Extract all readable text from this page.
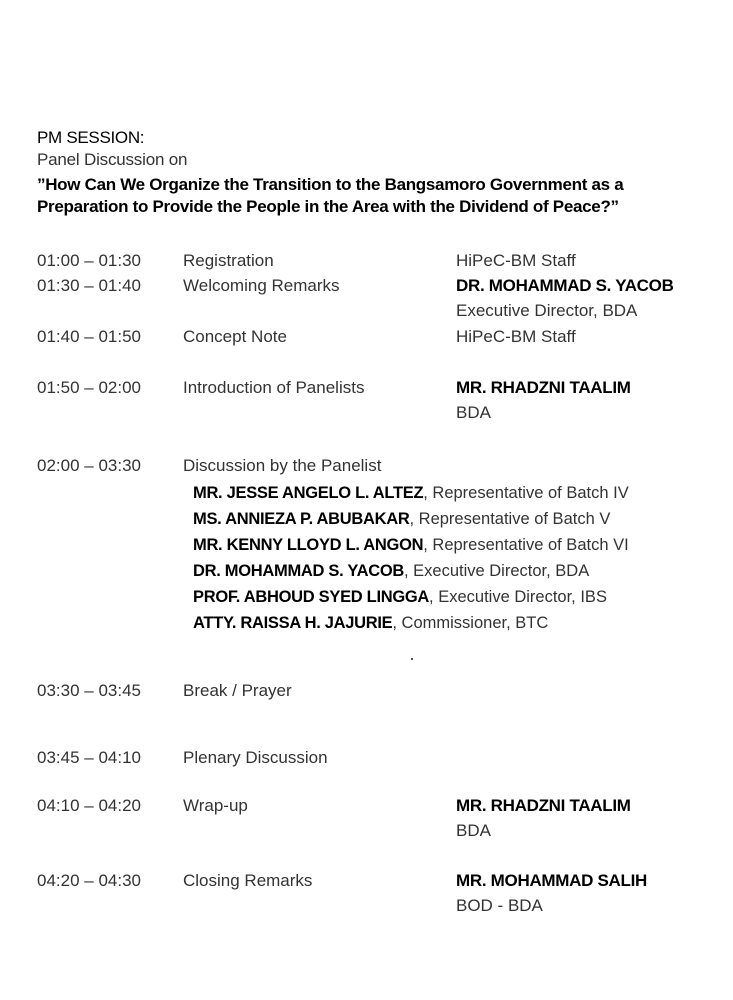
PM SESSION:
Panel Discussion on
”How Can We Organize the Transition to the Bangsamoro Government as a
Preparation to Provide the People in the Area with the Dividend of Peace?”
01:00 – 01:30 Registration	HiPeC-BM Staff
01:30 – 01:40 Welcoming Remarks	DR. MOHAMMAD S. YACOB
Executive Director, BDA
01:40 – 01:50 Concept Note	HiPeC-BM Staff
01:50 – 02:00 Introduction of Panelists	MR. RHADZNI TAALIM
BDA
02:00 – 03:30 Discussion by the Panelist
MR. JESSE ANGELO L. ALTEZ, Representative of Batch IV
MS. ANNIEZA P. ABUBAKAR, Representative of Batch V
MR. KENNY LLOYD L. ANGON, Representative of Batch VI
DR. MOHAMMAD S. YACOB, Executive Director, BDA
PROF. ABHOUD SYED LINGGA, Executive Director, IBS
ATTY. RAISSA H. JAJURIE, Commissioner, BTC
03:30 – 03:45 Break / Prayer
03:45 – 04:10 Plenary Discussion
04:10 – 04:20 Wrap-up	MR. RHADZNI TAALIM
BDA
04:20 – 04:30 Closing Remarks	MR. MOHAMMAD SALIH
BOD - BDA
